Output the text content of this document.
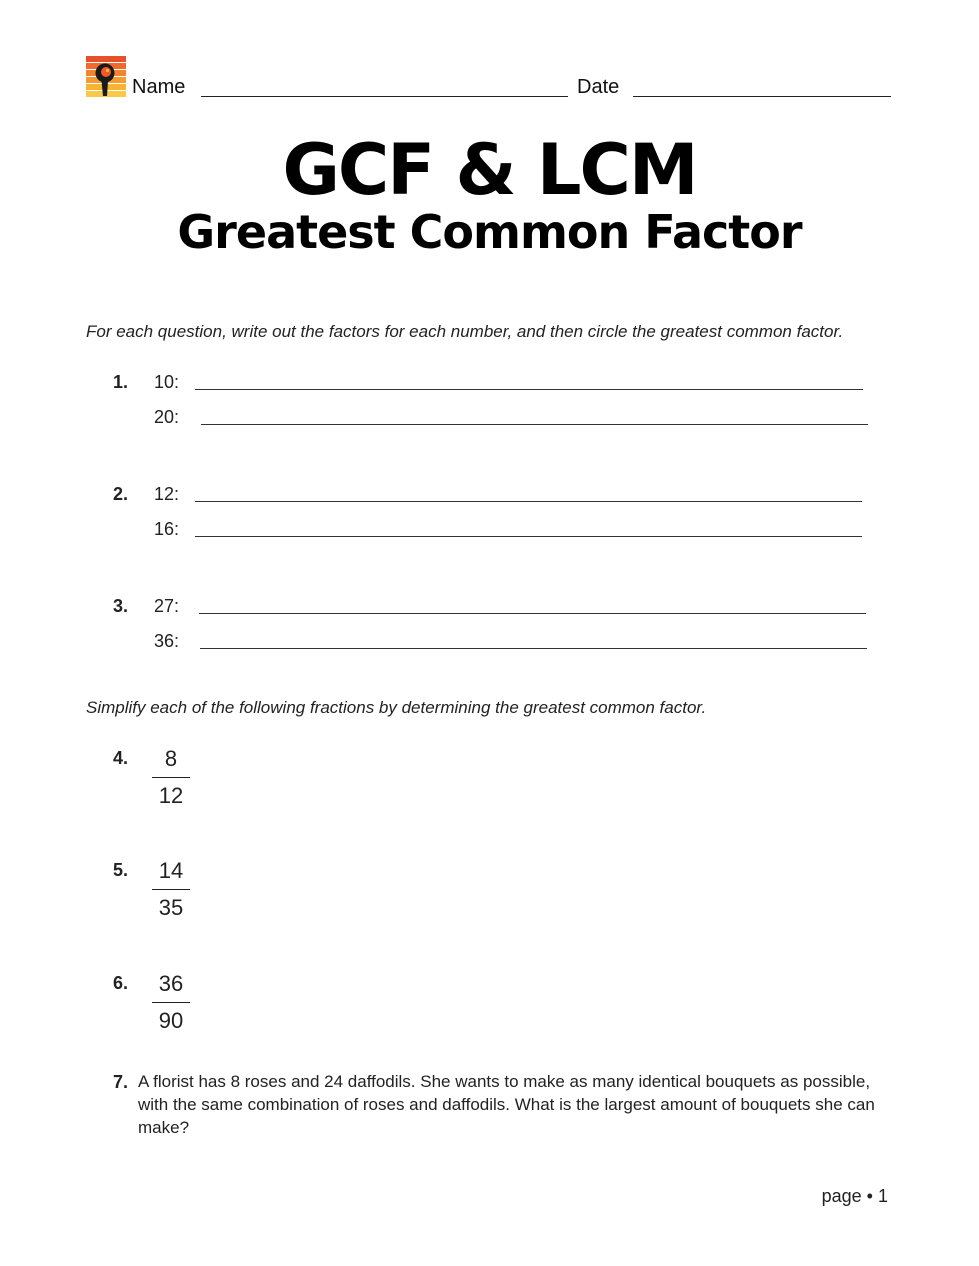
Name	Date
GCF & LCM
Greatest Common Factor
For each question, write out the factors for each number, and then circle the greatest common factor.
1. 10:
20:
2. 12:
16:
3. 27:
36:
Simplify each of the following fractions by determining the greatest common factor.
4.	8
12
5.	14
35
6.	36
90
7. A florist has 8 roses and 24 daffodils. She wants to make as many identical bouquets as possible, with the same combination of roses and daffodils. What is the largest amount of bouquets she can make?
page • 1
